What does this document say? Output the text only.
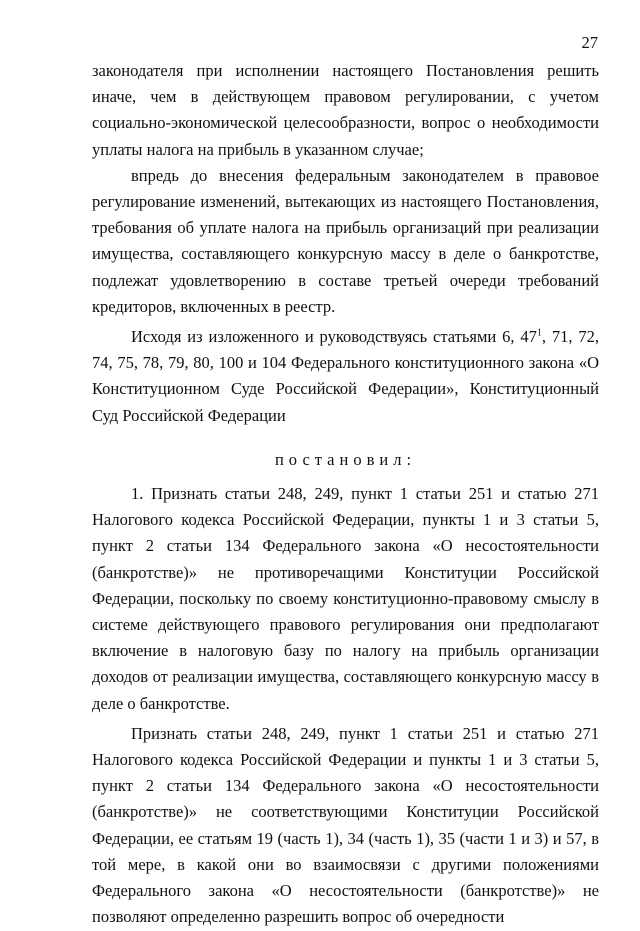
27

законодателя при исполнении настоящего Постановления решить иначе, чем в действующем правовом регулировании, с учетом социально-экономической целесообразности, вопрос о необходимости уплаты налога на прибыль в указанном случае;

впредь до внесения федеральным законодателем в правовое регулирование изменений, вытекающих из настоящего Постановления, требования об уплате налога на прибыль организаций при реализации имущества, составляющего конкурсную массу в деле о банкротстве, подлежат удовлетворению в составе третьей очереди требований кредиторов, включенных в реестр.

Исходя из изложенного и руководствуясь статьями 6, $47^1$, 71, 72, 74, 75, 78, 79, 80, 100 и 104 Федерального конституционного закона «О Конституционном Суде Российской Федерации», Конституционный Суд Российской Федерации

постановил:

1. Признать статьи 248, 249, пункт 1 статьи 251 и статью 271 Налогового кодекса Российской Федерации, пункты 1 и 3 статьи 5, пункт 2 статьи 134 Федерального закона «О несостоятельности (банкротстве)» не противоречащими Конституции Российской Федерации, поскольку по своему конституционно-правовому смыслу в системе действующего правового регулирования они предполагают включение в налоговую базу по налогу на прибыль организации доходов от реализации имущества, составляющего конкурсную массу в деле о банкротстве.

Признать статьи 248, 249, пункт 1 статьи 251 и статью 271 Налогового кодекса Российской Федерации и пункты 1 и 3 статьи 5, пункт 2 статьи 134 Федерального закона «О несостоятельности (банкротстве)» не соответствующими Конституции Российской Федерации, ее статьям 19 (часть 1), 34 (часть 1), 35 (части 1 и 3) и 57, в той мере, в какой они во взаимосвязи с другими положениями Федерального закона «О несостоятельности (банкротстве)» не позволяют определенно разрешить вопрос об очередности
